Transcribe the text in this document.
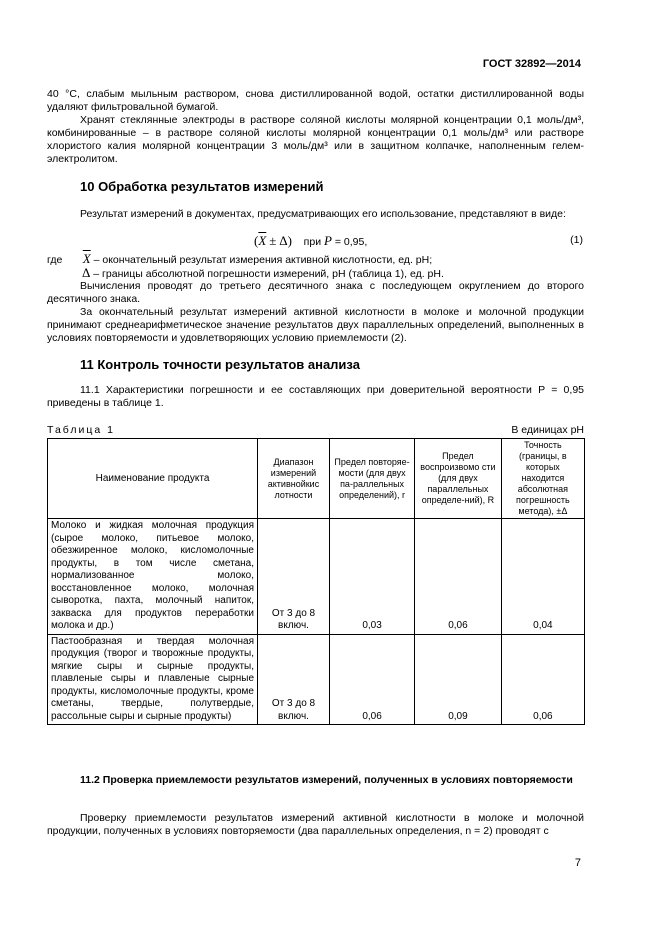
ГОСТ 32892—2014
40 °С, слабым мыльным раствором, снова дистиллированной водой, остатки дистиллированной воды удаляют фильтровальной бумагой.
Хранят стеклянные электроды в растворе соляной кислоты молярной концентрации 0,1 моль/дм³, комбинированные – в растворе соляной кислоты молярной концентрации 0,1 моль/дм³ или растворе хлористого калия молярной концентрации 3 моль/дм³ или в защитном колпачке, наполненным гелем-электролитом.
10 Обработка результатов измерений
Результат измерений в документах, предусматривающих его использование, представляют в виде:
$(\overline{X} \pm \Delta)$ при P = 0,95,	(1)
где $\overline{X}$ – окончательный результат измерения активной кислотности, ед. рН;
Δ – границы абсолютной погрешности измерений, рН (таблица 1), ед. рН.
Вычисления проводят до третьего десятичного знака с последующем округлением до второго десятичного знака.
За окончательный результат измерений активной кислотности в молоке и молочной продукции принимают среднеарифметическое значение результатов двух параллельных определений, выполненных в условиях повторяемости и удовлетворяющих условию приемлемости (2).
11 Контроль точности результатов анализа
11.1 Характеристики погрешности и ее составляющих при доверительной вероятности Р = 0,95 приведены в таблице 1.
Таблица 1	В единицах рН
Наименование продукта	Диапазон измерений активнойкис лотности	Предел повторяе-мости (для двух па-раллельных определений), r	Предел воспроизвомо сти (для двух параллельных определе-ний), R	Точность (границы, в которых находится абсолютная погрешность метода), ±Δ
Молоко и жидкая молочная продукция (сырое молоко, питьевое молоко, обезжиренное молоко, кисломолочные продукты, в том числе сметана, нормализованное молоко, восстановленное молоко, молочная сыворотка, пахта, молочный напиток, закваска для продуктов переработки молока и др.)	От 3 до 8 включ.	0,03	0,06	0,04
Пастообразная и твердая молочная продукция (творог и творожные продукты, мягкие сыры и сырные продукты, плавленые сыры и плавленые сырные продукты, кисломолочные продукты, кроме сметаны, твердые, полутвердые, рассольные сыры и сырные продукты)	От 3 до 8 включ.	0,06	0,09	0,06
11.2 Проверка приемлемости результатов измерений, полученных в условиях повторяемости
Проверку приемлемости результатов измерений активной кислотности в молоке и молочной продукции, полученных в условиях повторяемости (два параллельных определения, n = 2) проводят с
7
